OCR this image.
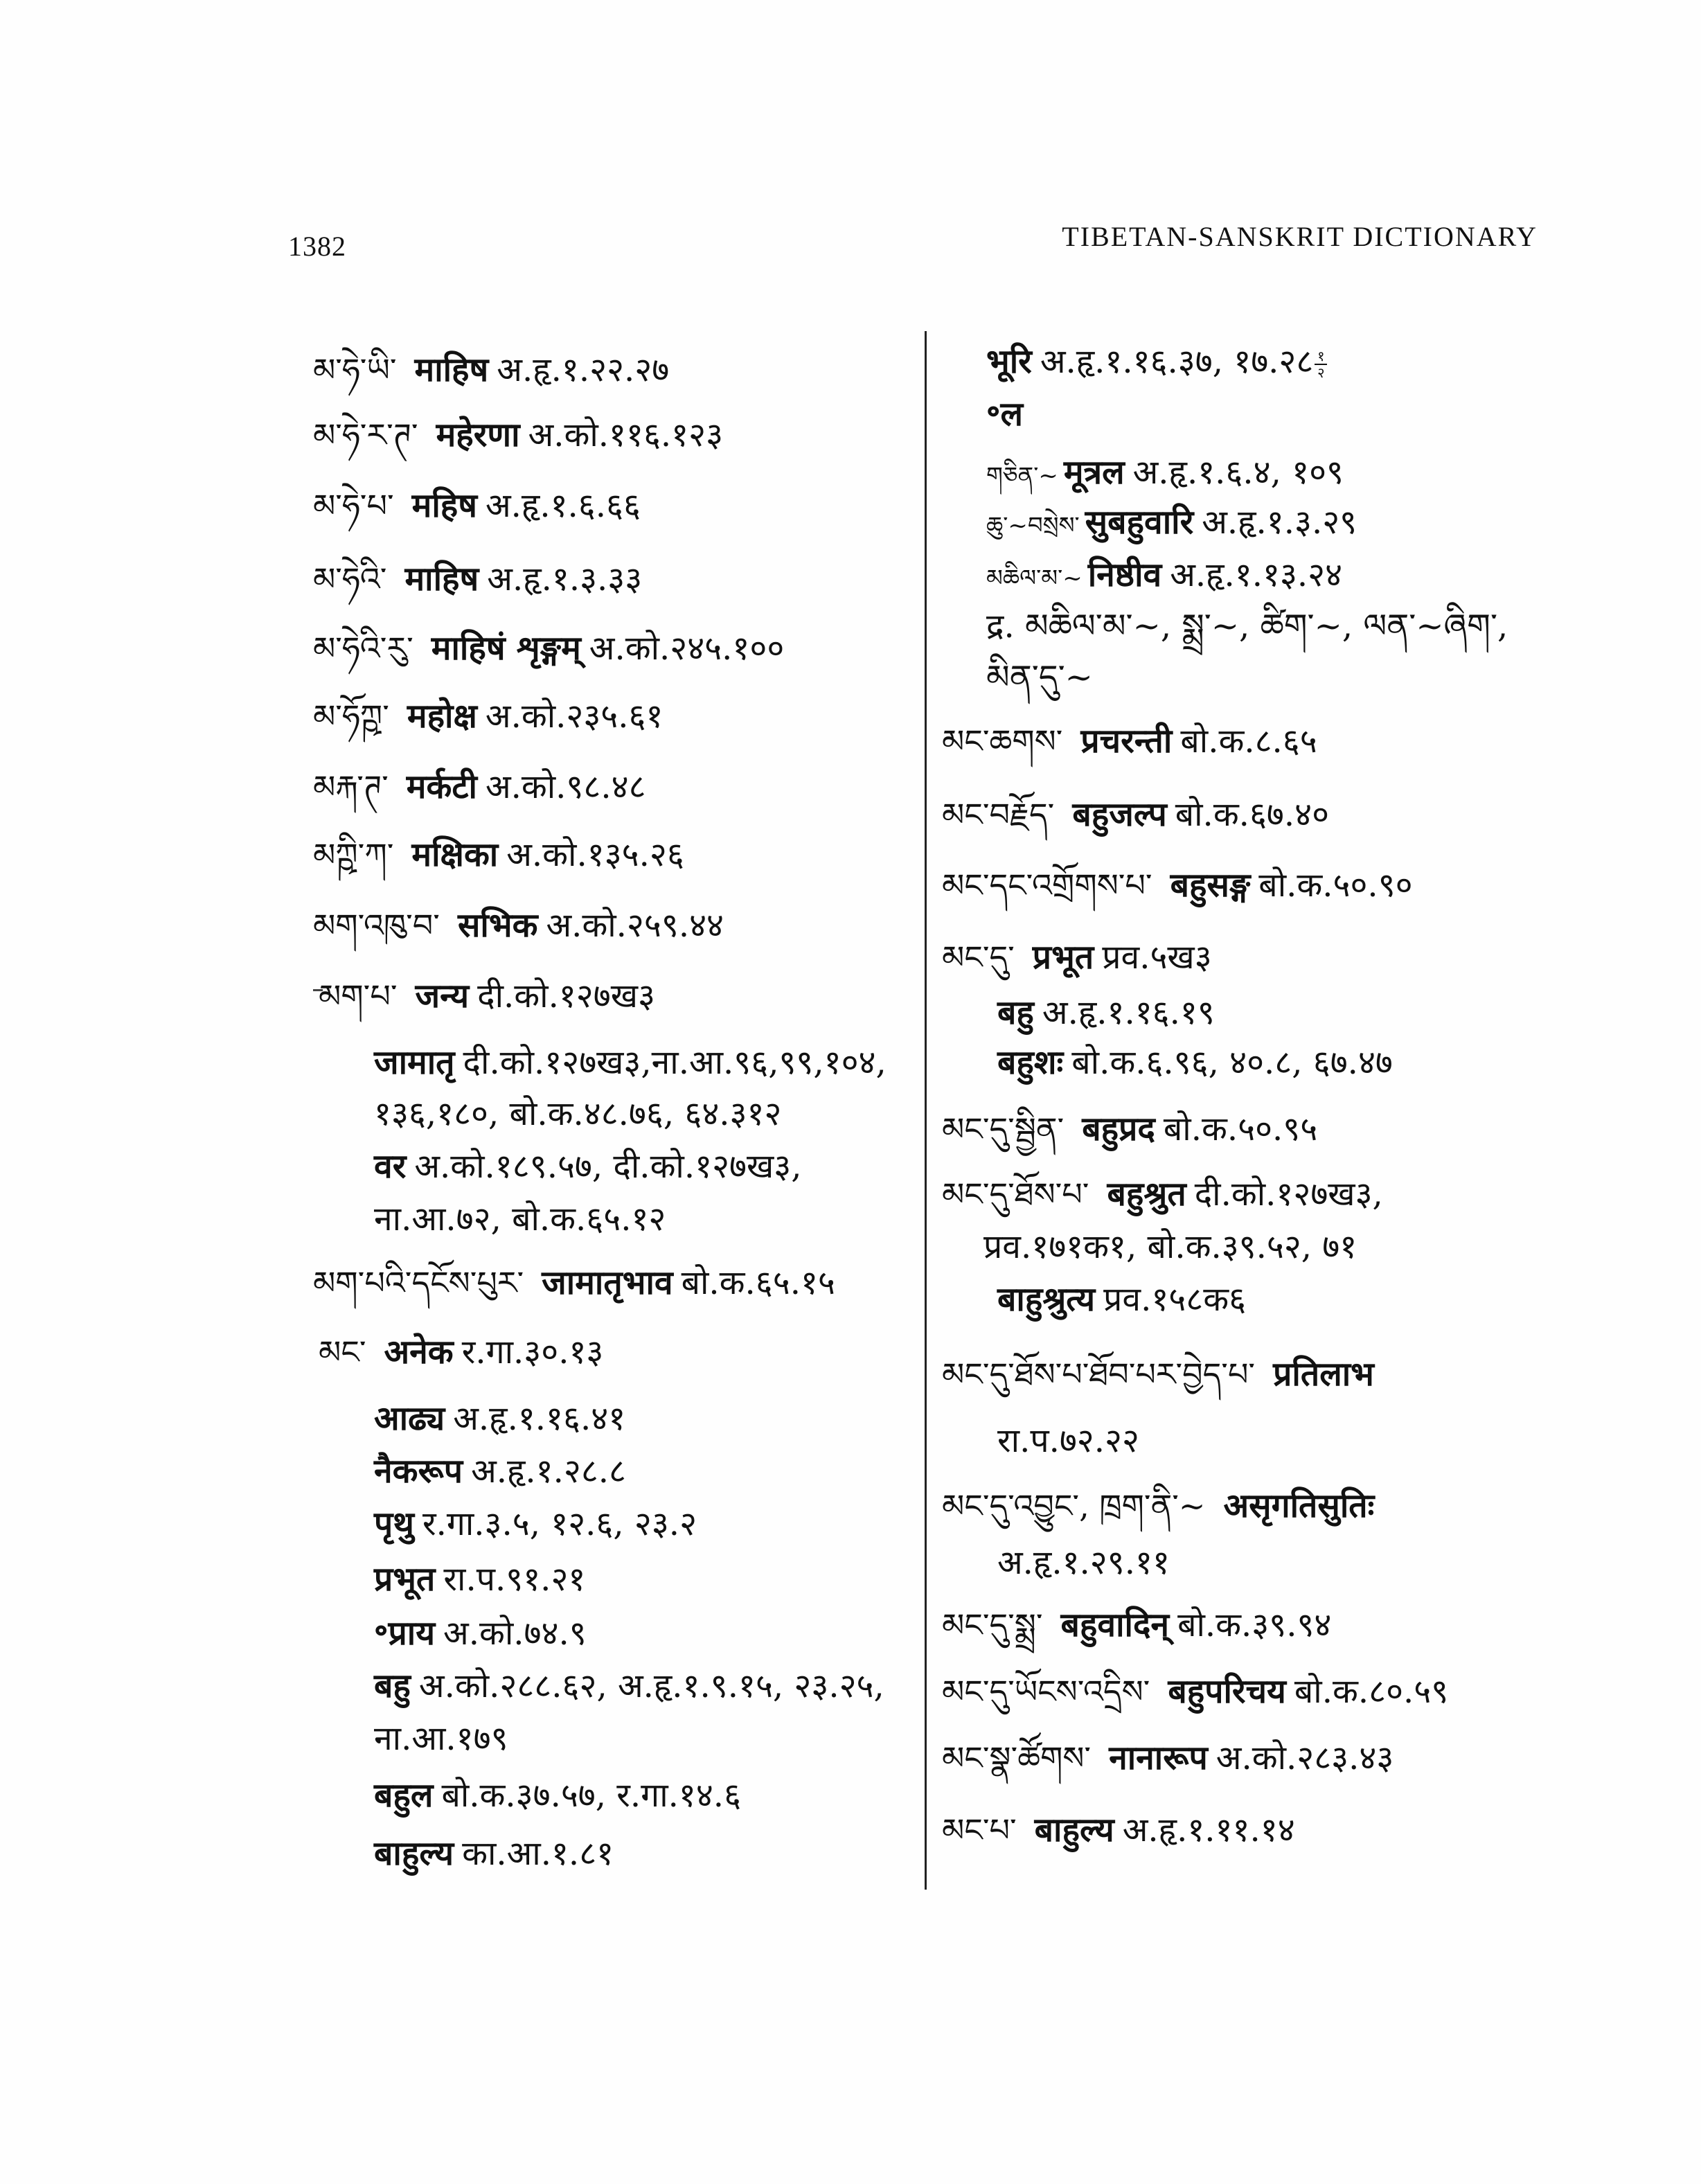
1382	TIBETAN-SANSKRIT DICTIONARY
མ་ཧེ་ཡི་ माहिष अ.हृ.१.२२.२७
མ་ཧེ་ར་ཊ་ महेरणा अ.को.११६.१२३
མ་ཧེ་པ་ महिष अ.हृ.१.६.६६
མ་ཧེའི་ माहिष अ.हृ.१.३.३३
མ་ཧེའི་རུ་ माहिषं शृङ्गम् अ.को.२४५.१००
མ་ཧོཀྵ་ महोक्ष अ.को.२३५.६१
མརྐ་ཊ་ मर्कटी अ.को.९८.४८
མཀྵི་ཀ་ मक्षिका अ.को.१३५.२६
མག་འཁུ་བ་ सभिक अ.को.२५९.४४
མག་པ་ जन्य दी.को.१२७ख३
जामातृ दी.को.१२७ख३,ना.आ.९६,९९,१०४,
१३६,१८०, बो.क.४८.७६, ६४.३१२
वर अ.को.१८९.५७, दी.को.१२७ख३,
ना.आ.७२, बो.क.६५.१२
མག་པའི་དངོས་པུར་ जामातृभाव बो.क.६५.१५
མང་ अनेक र.गा.३०.१३
आढ्य अ.हृ.१.१६.४१
नैकरूप अ.हृ.१.२८.८
पृथु र.गा.३.५, १२.६, २३.२
प्रभूत रा.प.९१.२१
॰प्राय अ.को.७४.९
बहु अ.को.२८८.६२, अ.हृ.१.९.१५, २३.२५,
ना.आ.१७९
बहुल बो.क.३७.५७, र.गा.१४.६
बाहुल्य का.आ.१.८१
भूरि अ.हृ.१.१६.३७, १७.२८ $\frac{१}{२}$
॰ल
གཅིན་~ मूत्रल अ.हृ.१.६.४, १०९
ཆུ་~བསྲེས་ सुबहुवारि अ.हृ.१.३.२९
མཆིལ་མ་~ निष्ठीव अ.हृ.१.१३.२४
द्र. མཆིལ་མ་~, སྨྲ་~, ཚིག་~, ལན་~ཞིག་,
མིན་དུ་~
མང་ཆགས་ प्रचरन्ती बो.क.८.६५
མང་བརྗོད་ बहुजल्प बो.क.६७.४०
མང་དང་འགྲོགས་པ་ बहुसङ्ग बो.क.५०.९०
མང་དུ་ प्रभूत प्रव.५ख३
बहु अ.हृ.१.१६.१९
बहुशः बो.क.६.९६, ४०.८, ६७.४७
མང་དུ་སྦྱིན་ बहुप्रद बो.क.५०.९५
མང་དུ་ཐོས་པ་ बहुश्रुत दी.को.१२७ख३,
प्रव.१७१क१, बो.क.३९.५२, ७१
बाहुश्रुत्य प्रव.१५८क६
མང་དུ་ཐོས་པ་ཐོབ་པར་བྱེད་པ་ प्रतिलाभ
रा.प.७२.२२
མང་དུ་འབྱུང་, ཁྲག་ནི་~ असृगतिसुतिः
अ.हृ.१.२९.११
མང་དུ་སྨྲ་ बहुवादिन् बो.क.३९.९४
མང་དུ་ཡོངས་འདྲིས་ बहुपरिचय बो.क.८०.५९
མང་སྣ་ཚོགས་ नानारूप अ.को.२८३.४३
མང་པ་ बाहुल्य अ.हृ.१.११.१४
